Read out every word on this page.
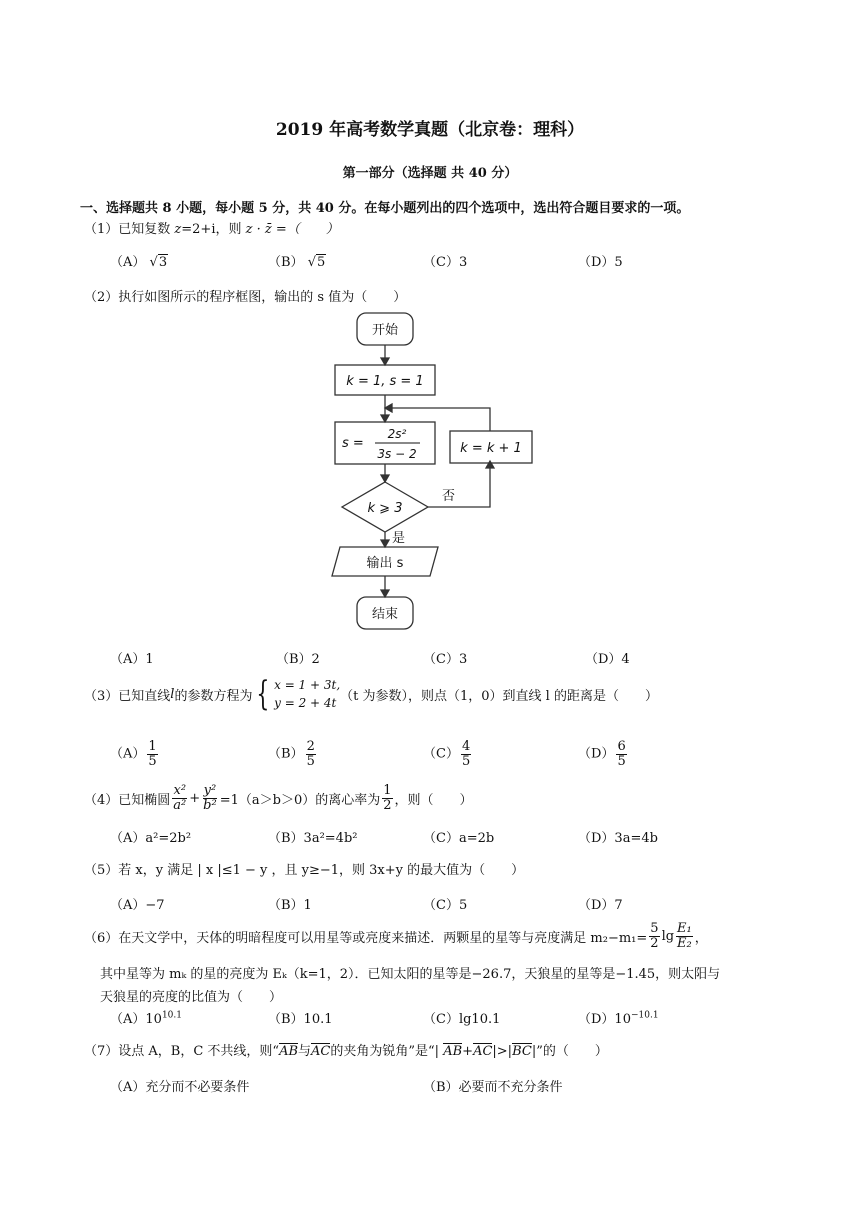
2019 年高考数学真题（北京卷：理科）
第一部分（选择题 共 40 分）
一、选择题共 8 小题，每小题 5 分，共 40 分。在每小题列出的四个选项中，选出符合题目要求的一项。
（1）已知复数 z=2+i，则 z · z̄ =（　　）
（A） √3	（B） √5	（C）3	（D）5
（2）执行如图所示的程序框图，输出的 s 值为（　　）
开始
k = 1, s = 1
s =
2s²
3s − 2
k ⩾ 3
k = k + 1
否
是
输出 s
结束
（A）1	（B）2	（C）3	（D）4
（3）已知直线 l 的参数方程为 { x = 1 + 3t,
y = 2 + 4t （t 为参数），则点（1，0）到直线 l 的距离是（　　）
$(A) \frac{1}{5}$	$(B) \frac{2}{5}$	$(C) \frac{4}{5}$	$(D) \frac{6}{5}$
（4）已知椭圆 $\frac{\text{x²}}{\text{a²}} + \frac{\text{y²}}{\text{b²}} =1(a>b>0)$的离心率为 $\frac{1}{2}$ ，则（　　）
（A）a²=2b²	（B）3a²=4b²	（C）a=2b	（D）3a=4b
（5）若 x，y 满足 | x |≤1 − y ，且 y≥−1，则 3x+y 的最大值为（　　）
（A）−7	（B）1	（C）5	（D）7
（6）在天文学中，天体的明暗程度可以用星等或亮度来描述．两颗星的星等与亮度满足 $m_2-m_1= \frac{5}{2}$ $\lg \frac{\text{E₁}}{\text{E₂}}$ ，
其中星等为 mₖ 的星的亮度为 Eₖ（k=1，2）．已知太阳的星等是−26.7，天狼星的星等是−1.45，则太阳与
天狼星的亮度的比值为（　　）
$(A)10^{10.1}$	（B）10.1	（C）lg10.1	$(D)10^{-10.1}$
（7）设点 A，B，C 不共线，则“AB与AC的夹角为锐角”是“| AB+AC|>|BC|”的（　　）
（A）充分而不必要条件	（B）必要而不充分条件
